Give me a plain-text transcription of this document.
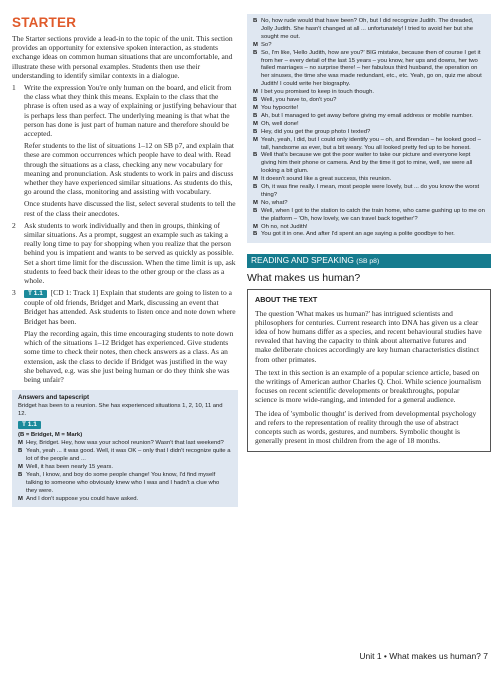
STARTER
The Starter sections provide a lead-in to the topic of the unit. This section provides an opportunity for extensive spoken interaction, as students exchange ideas on common human situations that are uncomfortable, and illustrate these with personal examples. Students then use their understanding to identify similar contexts in a dialogue.
1	Write the expression You're only human on the board, and elicit from the class what they think this means. Explain to the class that the phrase is often used as a way of explaining or justifying behaviour that is perhaps less than perfect. The underlying meaning is that what the person has done is just part of human nature and therefore should be accepted.
Refer students to the list of situations 1–12 on SB p7, and explain that these are common occurrences which people have to deal with. Read through the situations as a class, checking any new vocabulary for meaning and pronunciation. Ask students to work in pairs and discuss whether they have experienced similar situations. As students do this, go around the class, monitoring and assisting with vocabulary.
Once students have discussed the list, select several students to tell the rest of the class their anecdotes.
2	Ask students to work individually and then in groups, thinking of similar situations. As a prompt, suggest an example such as taking a really long time to pay for shopping when you realize that the person behind you is impatient and wants to be served as quickly as possible. Set a short time limit for the discussion. When the time limit is up, ask students to feed back their ideas to the other group or the class as a whole.
3	T 1.1 [CD 1: Track 1] Explain that students are going to listen to a couple of old friends, Bridget and Mark, discussing an event that Bridget has attended. Ask students to listen once and note down where Bridget has been.
Play the recording again, this time encouraging students to note down which of the situations 1–12 Bridget has experienced. Give students some time to check their notes, then check answers as a class. As an extension, ask the class to decide if Bridget was justified in the way she behaved, e.g. was she just being human or do they think she was being unfair?
Answers and tapescript
Bridget has been to a reunion. She has experienced situations 1, 2, 10, 11 and 12.
T 1.1
(B = Bridget, M = Mark)
M Hey, Bridget. Hey, how was your school reunion? Wasn't that last weekend?
B Yeah, yeah ... it was good. Well, it was OK – only that I didn't recognize quite a lot of the people and ...
M Well, it has been nearly 15 years.
B Yeah, I know, and boy do some people change! You know, I'd find myself talking to someone who obviously knew who I was and I hadn't a clue who they were.
M And I don't suppose you could have asked.
B No, how rude would that have been? Oh, but I did recognize Judith. The dreaded, Jolly Judith. She hasn't changed at all ... unfortunately! I tried to avoid her but she sought me out.
M So?
B So, I'm like, 'Hello Judith, how are you?' BIG mistake, because then of course I get it from her – every detail of the last 15 years – you know, her ups and downs, her two failed marriages – no surprise there! – her fabulous third husband, the operation on her sinuses, the time she was made redundant, etc., etc. Yeah, go on, quiz me about Judith! I could write her biography.
M I bet you promised to keep in touch though.
B Well, you have to, don't you?
M You hypocrite!
B Ah, but I managed to get away before giving my email address or mobile number.
M Oh, well done!
B Hey, did you get the group photo I texted?
M Yeah, yeah, I did, but I could only identify you – oh, and Brendan – he looked good – tall, handsome as ever, but a bit weary. You all looked pretty fed up to be honest.
B Well that's because we got the poor waiter to take our picture and everyone kept giving him their phone or camera. And by the time it got to mine, well, we were all looking a bit glum.
M It doesn't sound like a great success, this reunion.
B Oh, it was fine really. I mean, most people were lovely, but ... do you know the worst thing?
M No, what?
B Well, when I got to the station to catch the train home, who came gushing up to me on the platform – 'Oh, how lovely, we can travel back together'?
M Oh no, not Judith!
B You got it in one. And after I'd spent an age saying a polite goodbye to her.
READING AND SPEAKING (SB p8)
What makes us human?
ABOUT THE TEXT
The question 'What makes us human?' has intrigued scientists and philosophers for centuries. Current research into DNA has given us a clear idea of how humans differ as a species, and recent behavioural studies have revealed that having the capacity to think about alternative futures and make deliberate choices accordingly are key human characteristics distinct from other primates.
The text in this section is an example of a popular science article, based on the writings of American author Charles Q. Choi. While science journalism focuses on recent scientific developments or breakthroughs, popular science is more wide-ranging, and intended for a general audience.
The idea of 'symbolic thought' is derived from developmental psychology and refers to the representation of reality through the use of abstract concepts such as words, gestures, and numbers. Symbolic thought is generally present in most children from the age of 18 months.
Unit 1 • What makes us human? 7
